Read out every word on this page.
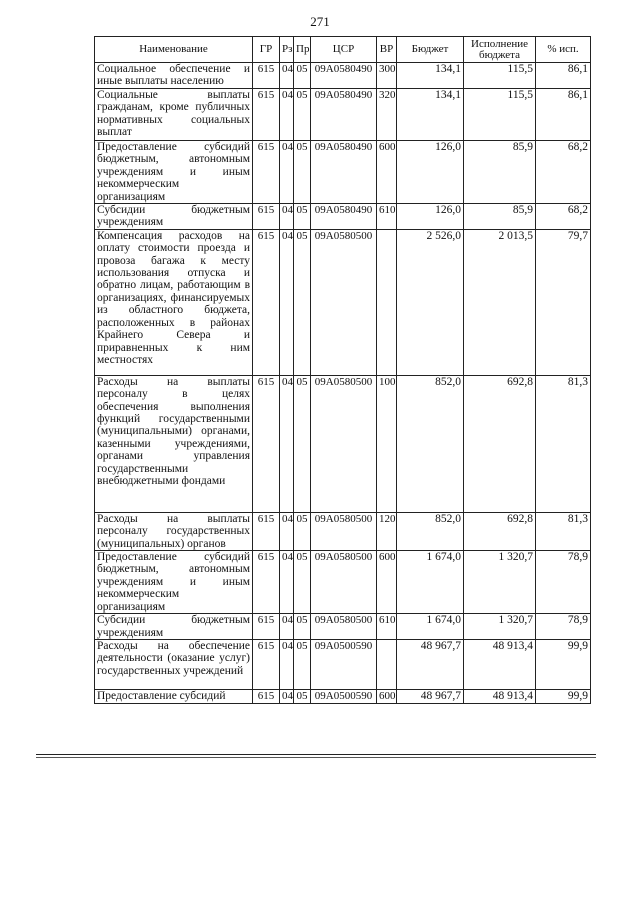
271
Наименование	ГР	Рз	Пр	ЦСР	ВР	Бюджет	Исполнение бюджета	% исп.
Социальное обеспечение и иные выплаты населению	615	04	05	09А0580490	300	134,1	115,5	86,1
Социальные выплаты гражданам, кроме публичных нормативных социальных выплат	615	04	05	09А0580490	320	134,1	115,5	86,1
Предоставление субсидий бюджетным, автономным учреждениям и иным некоммерческим организациям	615	04	05	09А0580490	600	126,0	85,9	68,2
Субсидии бюджетным учреждениям	615	04	05	09А0580490	610	126,0	85,9	68,2
Компенсация расходов на оплату стоимости проезда и провоза багажа к месту использования отпуска и обратно лицам, работающим в организациях, финансируемых из областного бюджета, расположенных в районах Крайнего Севера и приравненных к ним местностях	615	04	05	09А0580500		2 526,0	2 013,5	79,7
Расходы на выплаты персоналу в целях обеспечения выполнения функций государственными (муниципальными) органами, казенными учреждениями, органами управления государственными внебюджетными фондами	615	04	05	09А0580500	100	852,0	692,8	81,3
Расходы на выплаты персоналу государственных (муниципальных) органов	615	04	05	09А0580500	120	852,0	692,8	81,3
Предоставление субсидий бюджетным, автономным учреждениям и иным некоммерческим организациям	615	04	05	09А0580500	600	1 674,0	1 320,7	78,9
Субсидии бюджетным учреждениям	615	04	05	09А0580500	610	1 674,0	1 320,7	78,9
Расходы на обеспечение деятельности (оказание услуг) государственных учреждений	615	04	05	09А0500590		48 967,7	48 913,4	99,9
Предоставление субсидий	615	04	05	09А0500590	600	48 967,7	48 913,4	99,9
